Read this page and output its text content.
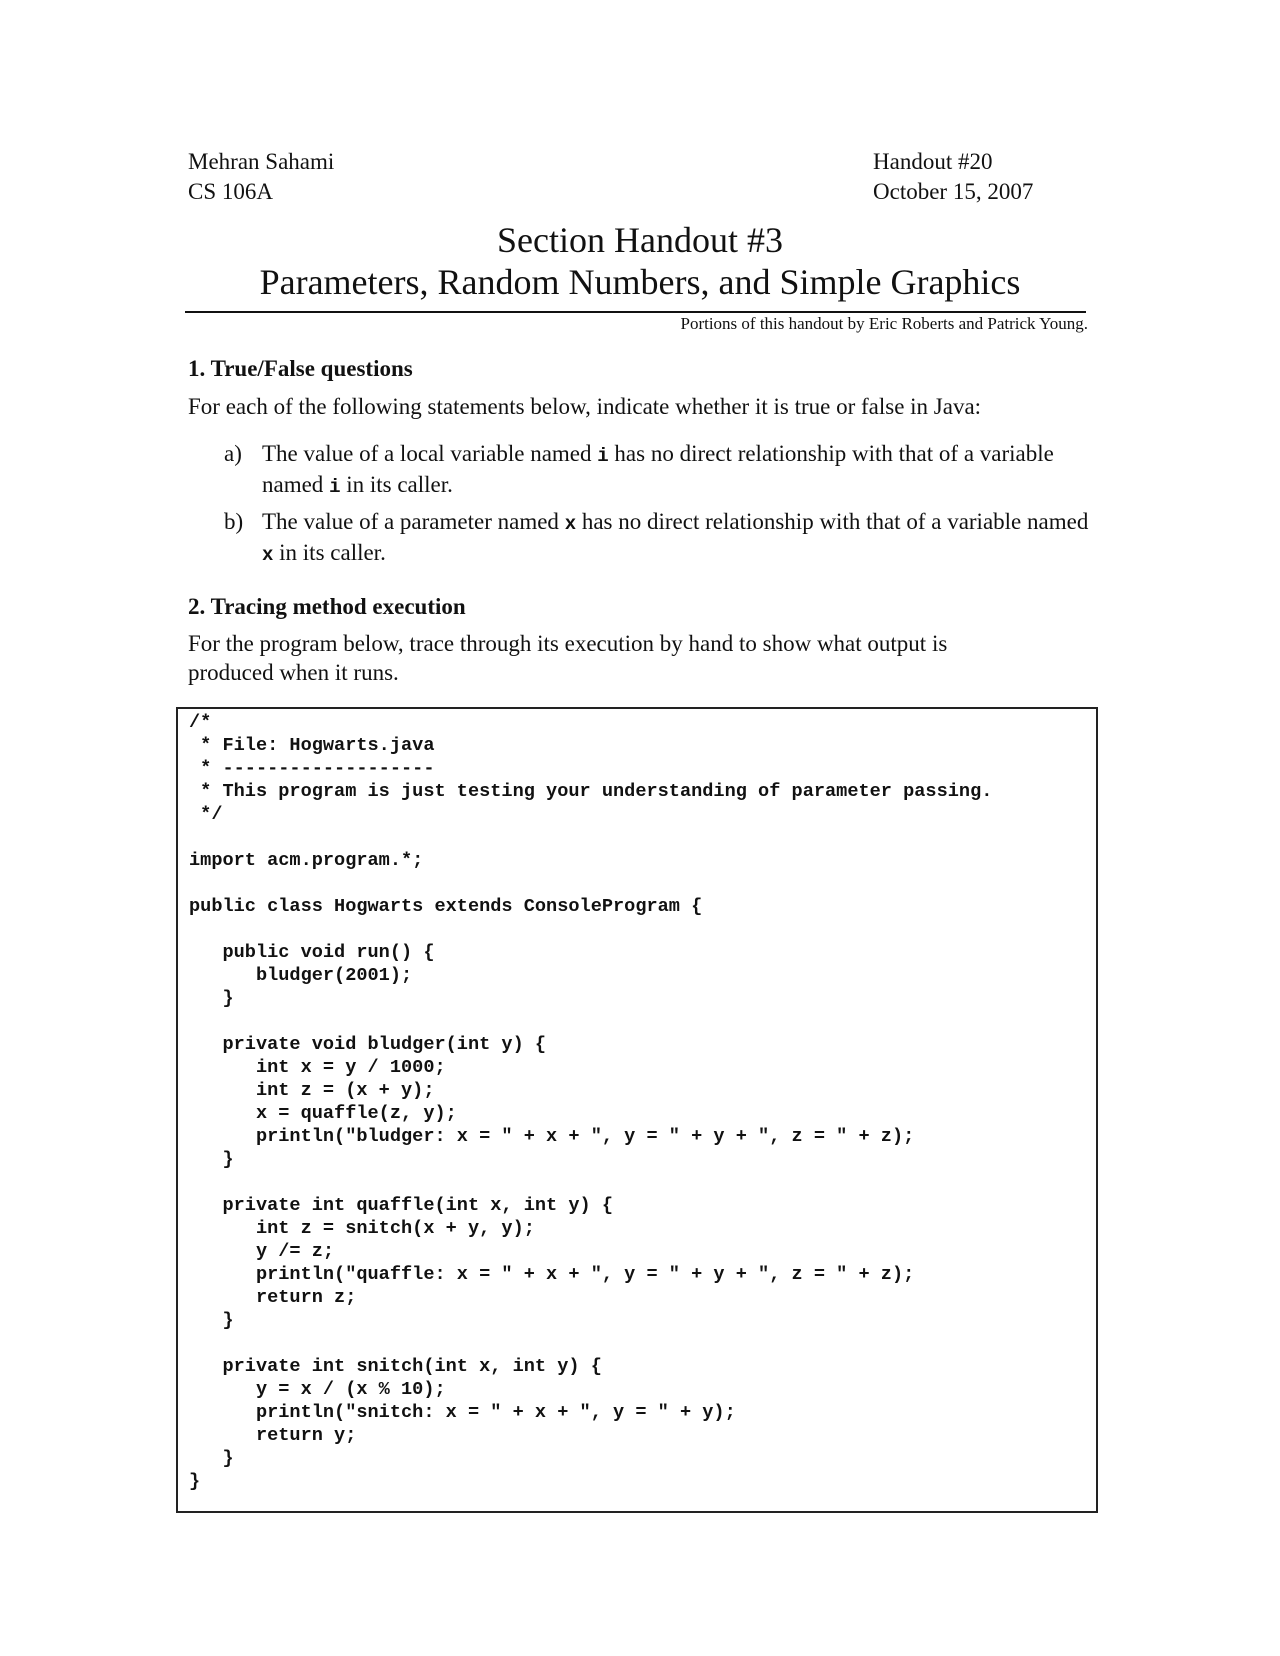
Mehran Sahami
CS 106A
Handout #20
October 15, 2007
Section Handout #3
Parameters, Random Numbers, and Simple Graphics
Portions of this handout by Eric Roberts and Patrick Young.
1. True/False questions
For each of the following statements below, indicate whether it is true or false in Java:
a) The value of a local variable named i has no direct relationship with that of a variable named i in its caller.
b) The value of a parameter named x has no direct relationship with that of a variable named x in its caller.
2. Tracing method execution
For the program below, trace through its execution by hand to show what output is produced when it runs.
/*
* File: Hogwarts.java
* -------------------
* This program is just testing your understanding of parameter passing.
*/

import acm.program.*;

public class Hogwarts extends ConsoleProgram {

public void run() {
bludger(2001);
}

private void bludger(int y) {
int x = y / 1000;
int z = (x + y);
x = quaffle(z, y);
println("bludger: x = " + x + ", y = " + y + ", z = " + z);
}

private int quaffle(int x, int y) {
int z = snitch(x + y, y);
y /= z;
println("quaffle: x = " + x + ", y = " + y + ", z = " + z);
return z;
}

private int snitch(int x, int y) {
y = x / (x % 10);
println("snitch: x = " + x + ", y = " + y);
return y;
}
}
